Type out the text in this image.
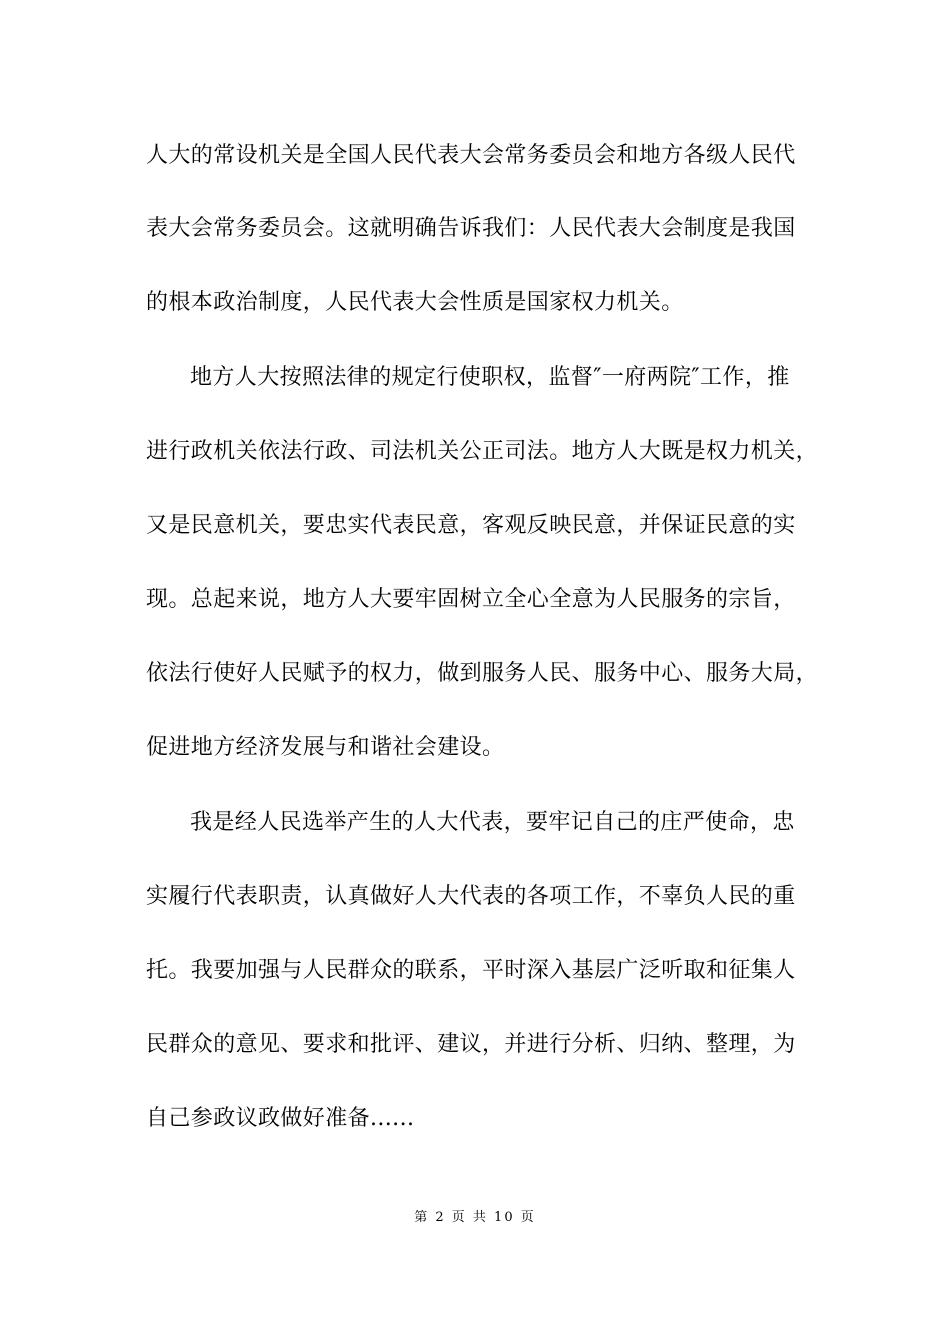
人大的常设机关是全国人民代表大会常务委员会和地方各级人民代
表大会常务委员会。这就明确告诉我们：人民代表大会制度是我国
的根本政治制度，人民代表大会性质是国家权力机关。
地方人大按照法律的规定行使职权，监督″一府两院″工作，推
进行政机关依法行政、司法机关公正司法。地方人大既是权力机关，
又是民意机关，要忠实代表民意，客观反映民意，并保证民意的实
现。总起来说，地方人大要牢固树立全心全意为人民服务的宗旨，
依法行使好人民赋予的权力，做到服务人民、服务中心、服务大局，
促进地方经济发展与和谐社会建设。
我是经人民选举产生的人大代表，要牢记自己的庄严使命，忠
实履行代表职责，认真做好人大代表的各项工作，不辜负人民的重
托。我要加强与人民群众的联系，平时深入基层广泛听取和征集人
民群众的意见、要求和批评、建议，并进行分析、归纳、整理，为
自己参政议政做好准备......
第 2 页 共 10 页
